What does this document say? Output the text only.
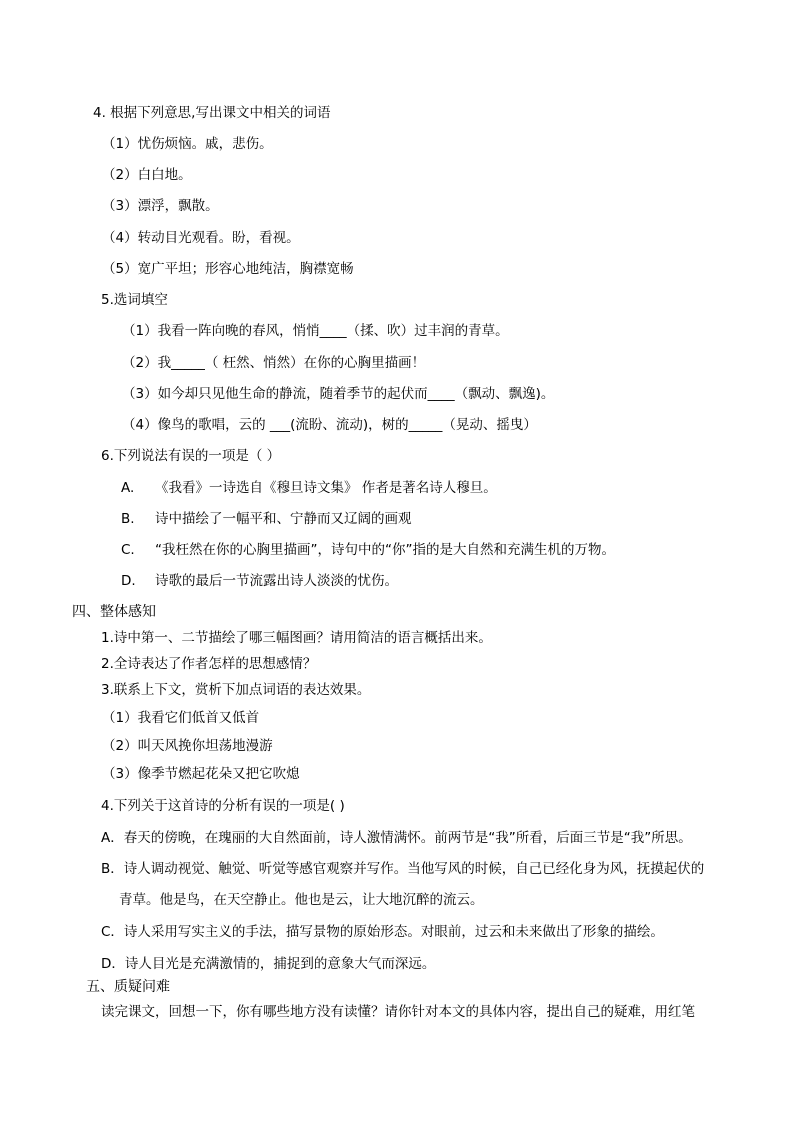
4. 根据下列意思,写出课文中相关的词语
（1）忧伤烦恼。戚，悲伤。
（2）白白地。
（3）漂浮，飘散。
（4）转动目光观看。盼，看视。
（5）宽广平坦；形容心地纯洁，胸襟宽畅
5.选词填空
（1）我看一阵向晚的春风，悄悄____（揉、吹）过丰润的青草。
（2）我_____（ 枉然、悄然）在你的心胸里描画！
（3）如今却只见他生命的静流，随着季节的起伏而____（飘动、飘逸)。
（4）像鸟的歌唱，云的 ___(流盼、流动)，树的_____（晃动、摇曳）
6.下列说法有误的一项是（ ）
A. 《我看》一诗选自《穆旦诗文集》 作者是著名诗人穆旦。
B. 诗中描绘了一幅平和、宁静而又辽阔的画观
C. “我枉然在你的心胸里描画”，诗句中的“你”指的是大自然和充满生机的万物。
D. 诗歌的最后一节流露出诗人淡淡的忧伤。
四、整体感知
1.诗中第一、二节描绘了哪三幅图画？请用简洁的语言概括出来。
2.全诗表达了作者怎样的思想感情？
3.联系上下文，赏析下加点词语的表达效果。
（1）我看它们低首又低首
（2）叫天风挽你坦荡地漫游
（3）像季节燃起花朵又把它吹熄
4.下列关于这首诗的分析有误的一项是( )
A．春天的傍晚，在瑰丽的大自然面前，诗人激情满怀。前两节是“我”所看，后面三节是“我”所思。
B．诗人调动视觉、触觉、听觉等感官观察并写作。当他写风的时候，自己已经化身为风，抚摸起伏的
青草。他是鸟，在天空静止。他也是云，让大地沉醉的流云。
C．诗人采用写实主义的手法，描写景物的原始形态。对眼前，过云和未来做出了形象的描绘。
D．诗人目光是充满激情的，捕捉到的意象大气而深远。
五、质疑问难
读完课文，回想一下，你有哪些地方没有读懂？请你针对本文的具体内容，提出自己的疑难，用红笔
